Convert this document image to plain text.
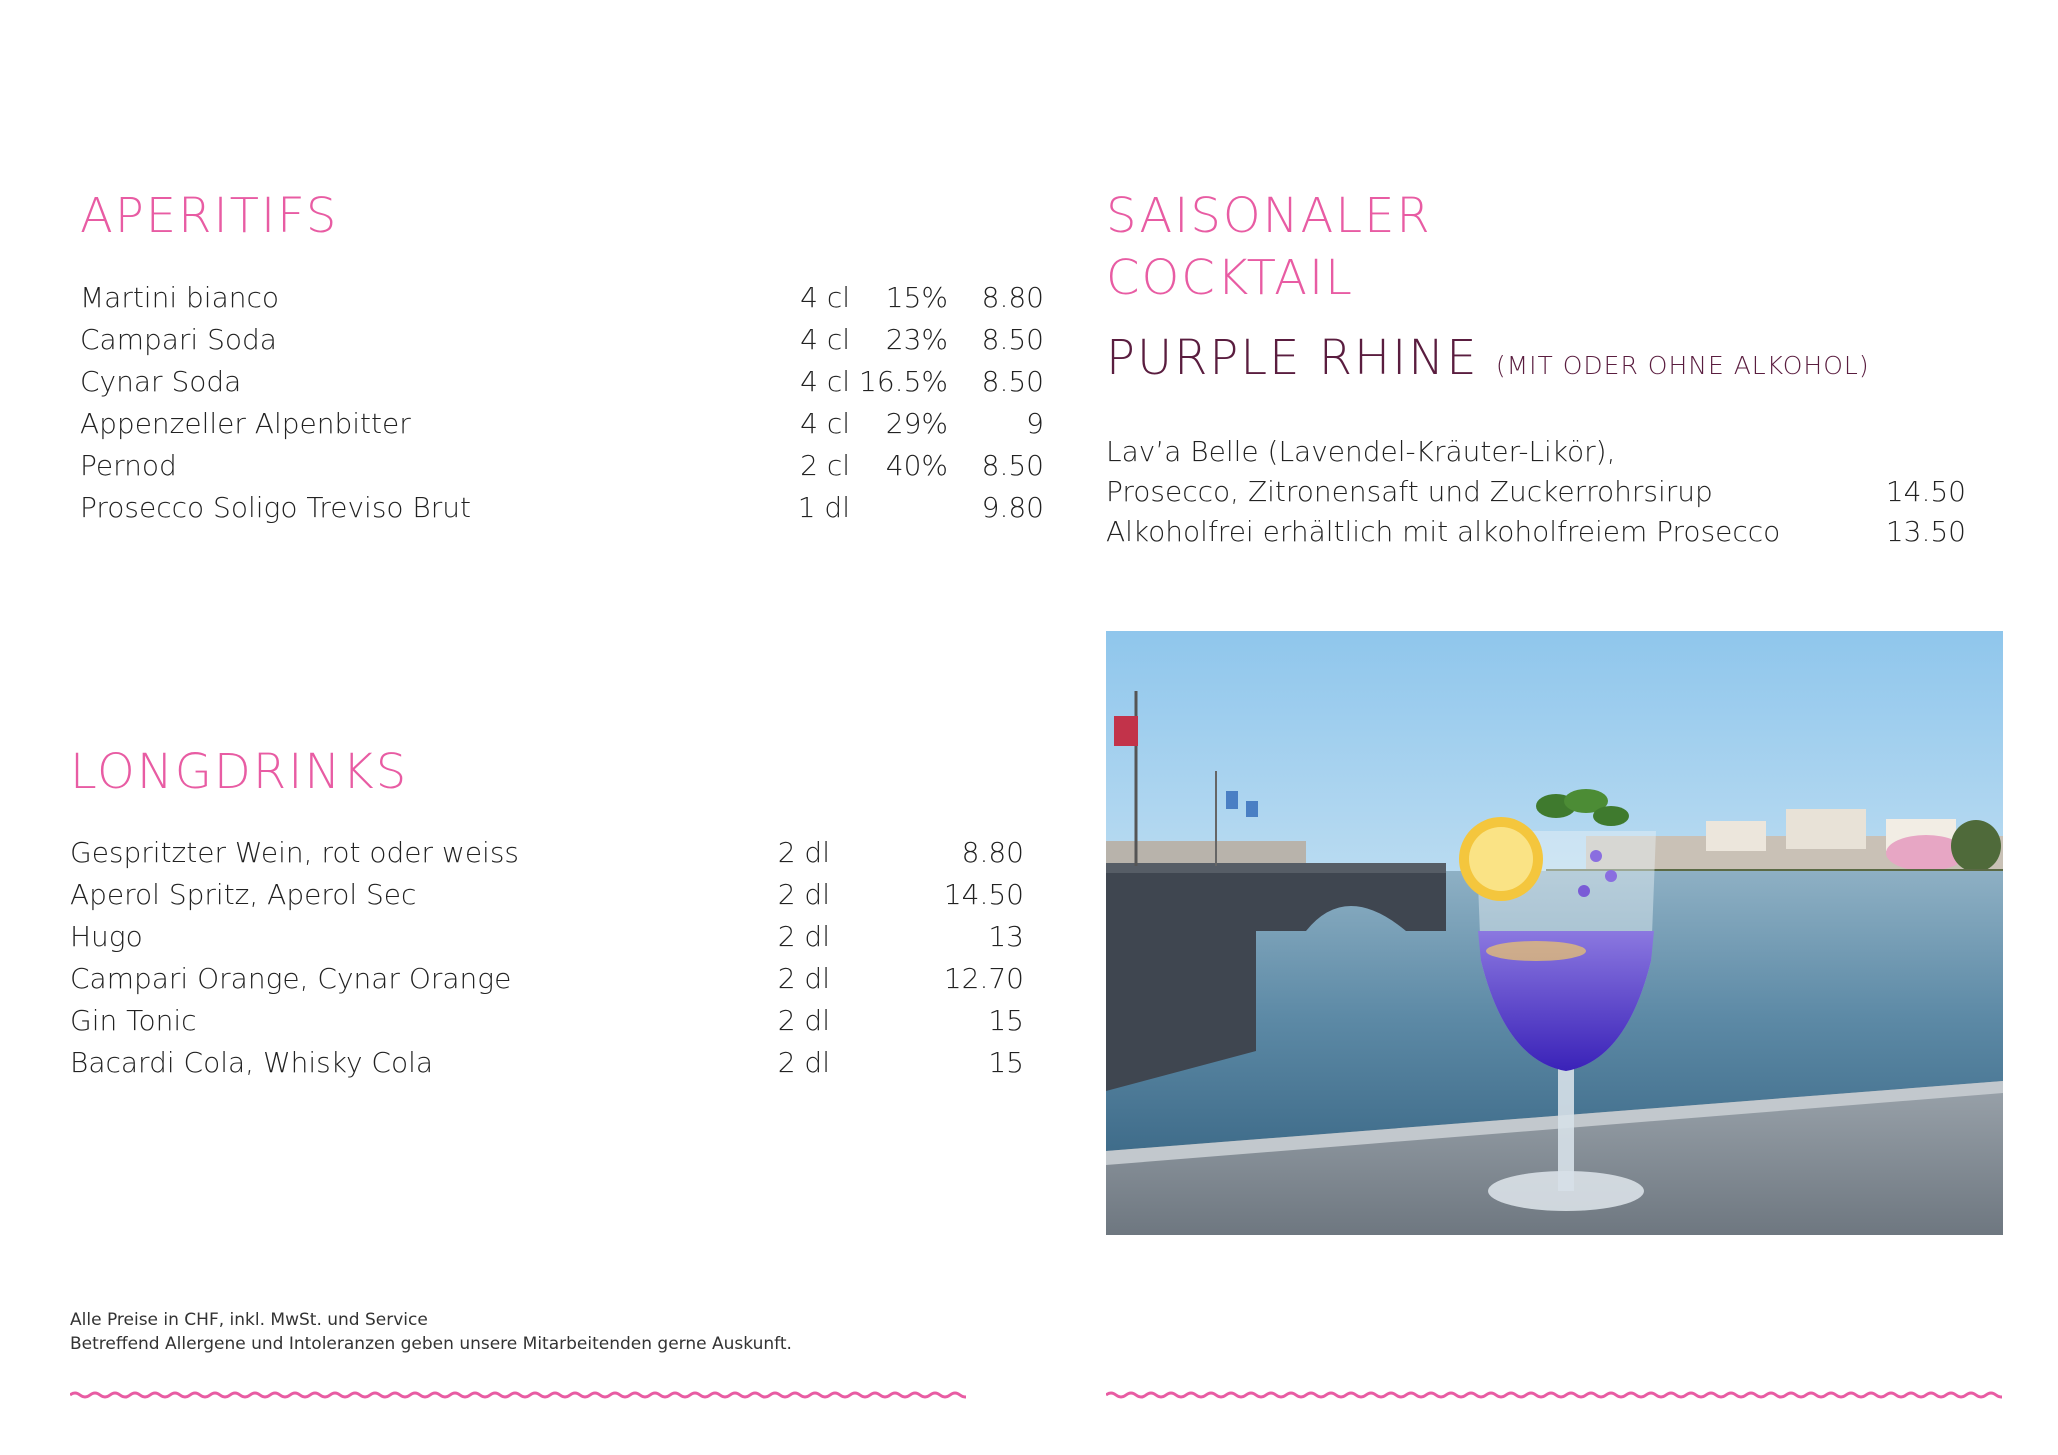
APERITIFS
Martini bianco	4 cl	15%	8.80
Campari Soda	4 cl	23%	8.50
Cynar Soda	4 cl 16.5%	8.50
Appenzeller Alpenbitter	4 cl	29%	9
Pernod	2 cl	40%	8.50
Prosecco Soligo Treviso Brut	1 dl	9.80
LONGDRINKS
Gespritzter Wein, rot oder weiss	2 dl	8.80
Aperol Spritz, Aperol Sec	2 dl	14.50
Hugo	2 dl	13
Campari Orange, Cynar Orange	2 dl	12.70
Gin Tonic	2 dl	15
Bacardi Cola, Whisky Cola	2 dl	15
SAISONALER
COCKTAIL
PURPLE RHINE (MIT ODER OHNE ALKOHOL)
Lav’a Belle (Lavendel-Kräuter-Likör),
Prosecco, Zitronensaft und Zuckerrohrsirup	14.50
Alkoholfrei erhältlich mit alkoholfreiem Prosecco	13.50
Alle Preise in CHF, inkl. MwSt. und Service
Betreffend Allergene und Intoleranzen geben unsere Mitarbeitenden gerne Auskunft.
